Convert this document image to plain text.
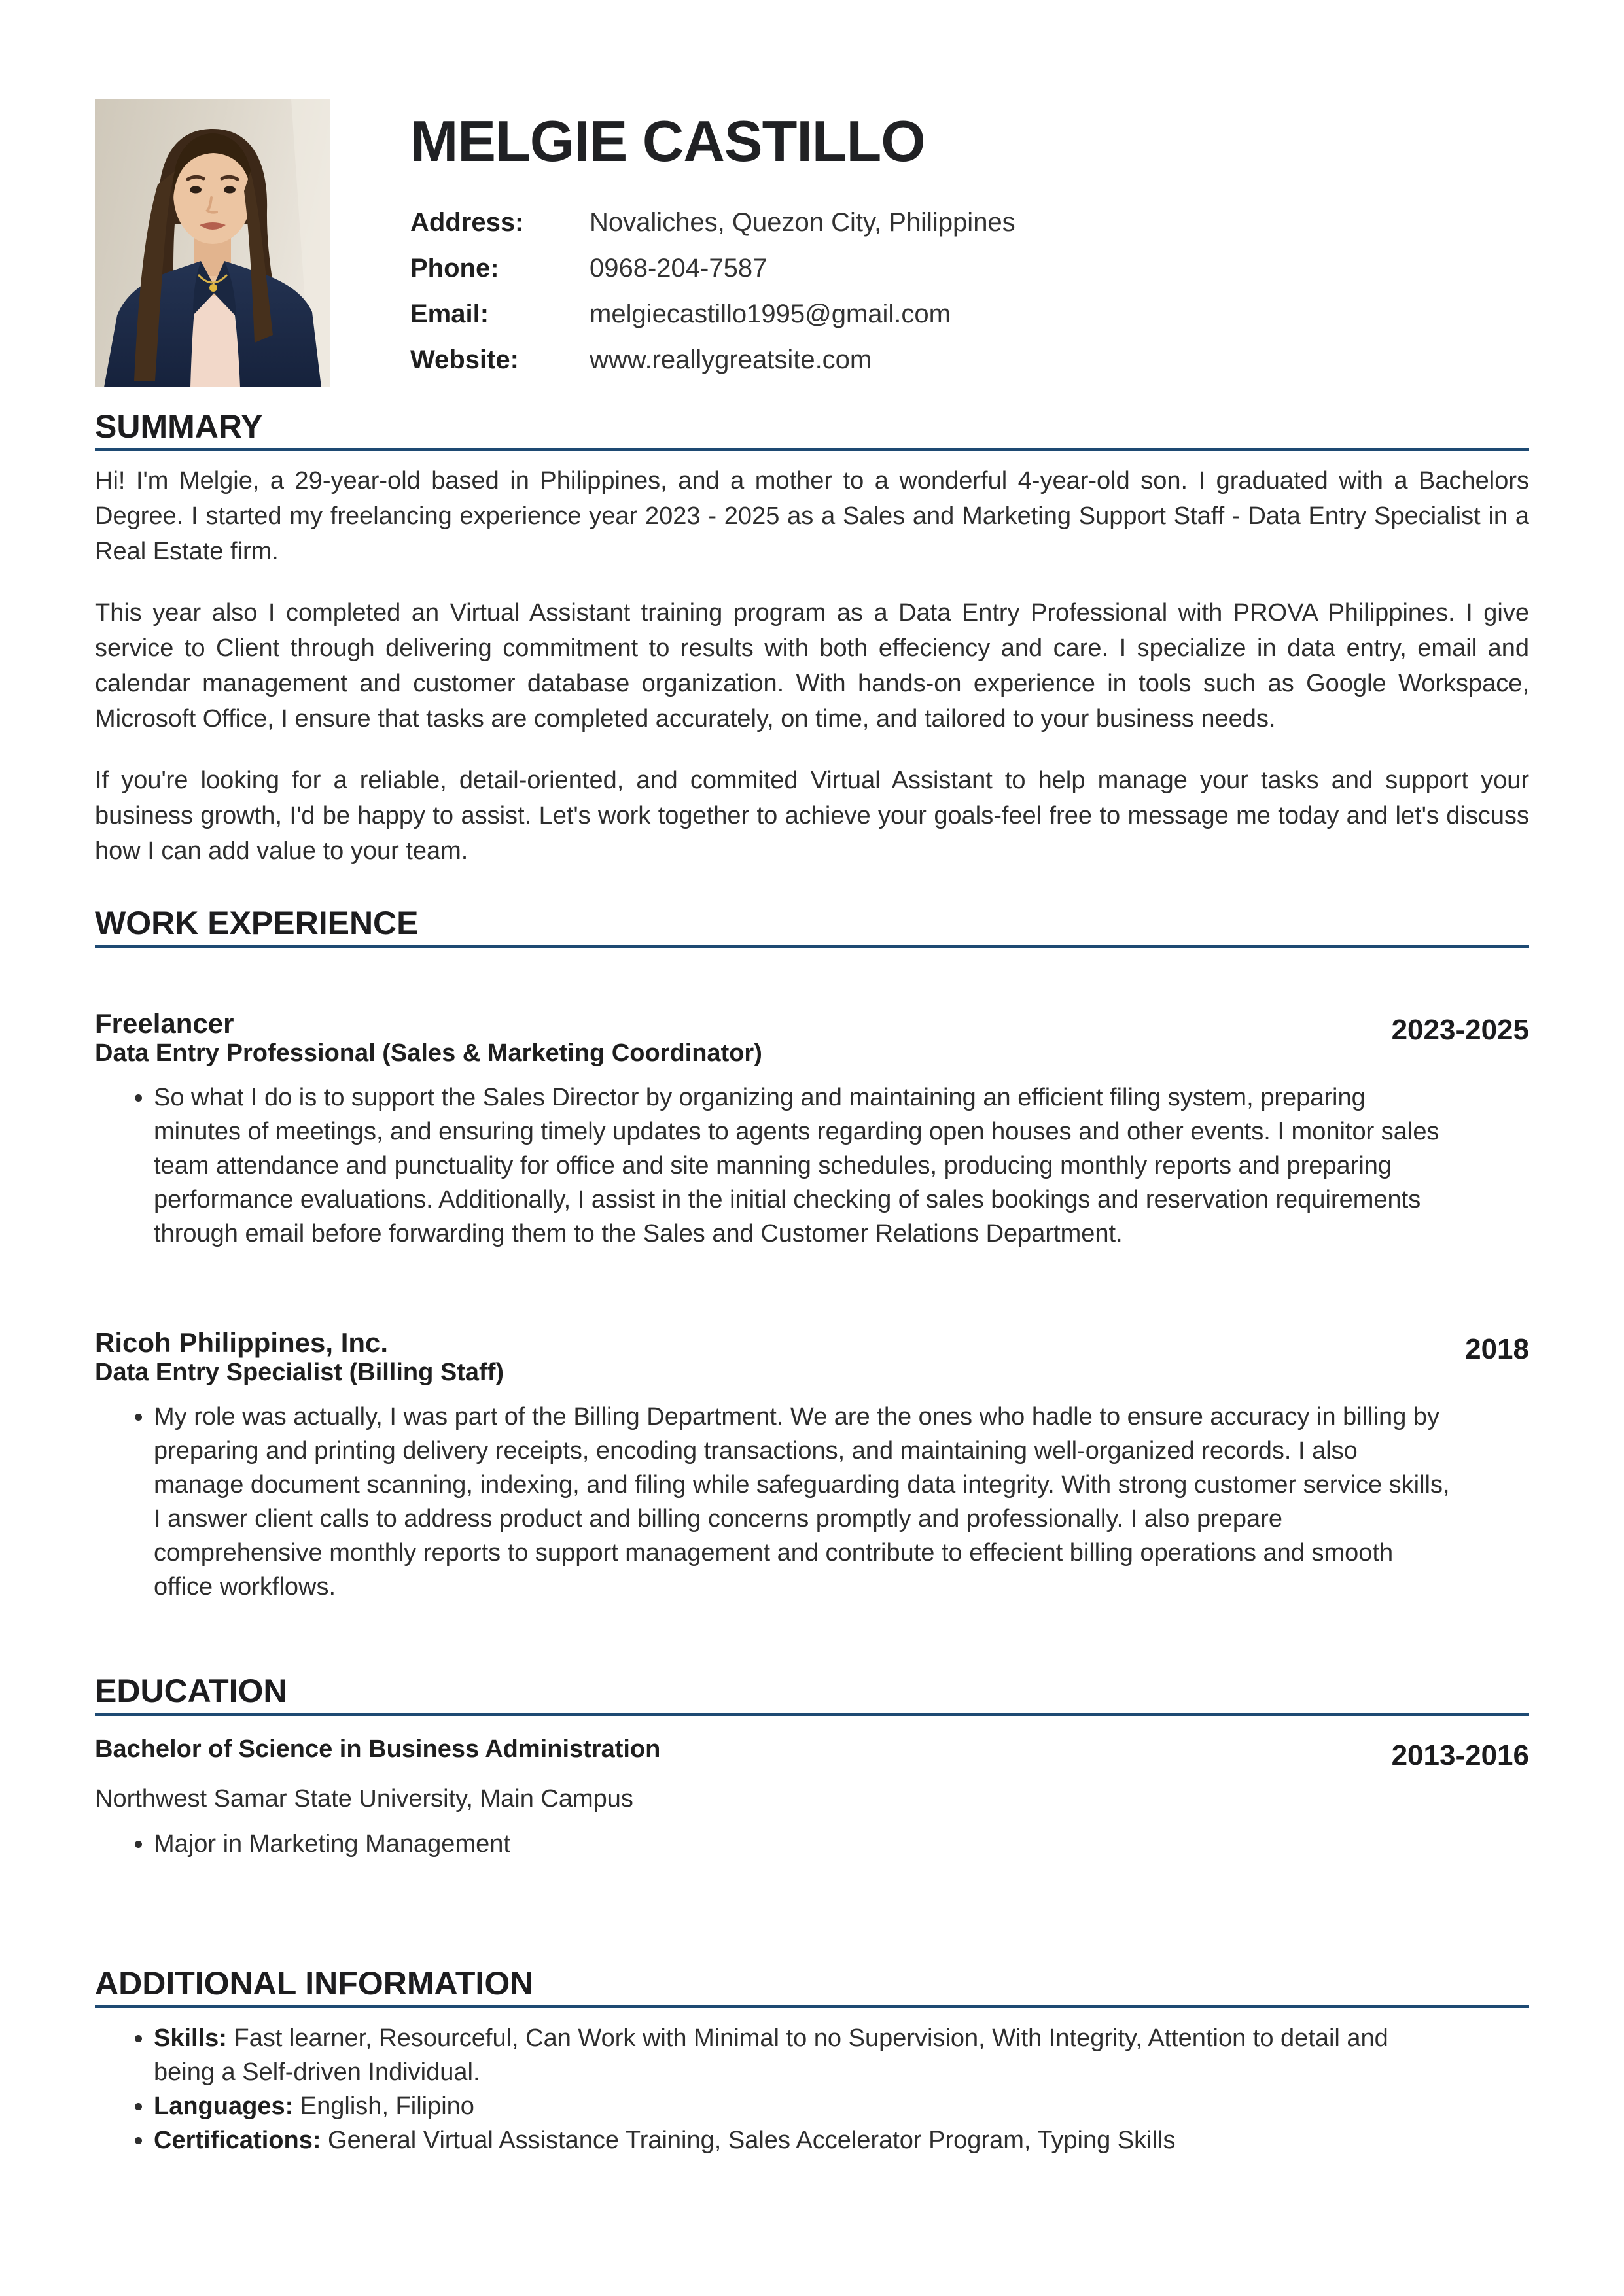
MELGIE CASTILLO
Address:	Novaliches, Quezon City, Philippines
Phone:	0968-204-7587
Email:	melgiecastillo1995@gmail.com
Website:	www.reallygreatsite.com
SUMMARY

Hi! I'm Melgie, a 29-year-old based in Philippines, and a mother to a wonderful 4-year-old son. I graduated with a Bachelors Degree. I started my freelancing experience year 2023 - 2025 as a Sales and Marketing Support Staff - Data Entry Specialist in a Real Estate firm.

This year also I completed an Virtual Assistant training program as a Data Entry Professional with PROVA Philippines. I give service to Client through delivering commitment to results with both effeciency and care. I specialize in data entry, email and calendar management and customer database organization. With hands-on experience in tools such as Google Workspace, Microsoft Office, I ensure that tasks are completed accurately, on time, and tailored to your business needs.

If you're looking for a reliable, detail-oriented, and commited Virtual Assistant to help manage your tasks and support your business growth, I'd be happy to assist. Let's work together to achieve your goals-feel free to message me today and let's discuss how I can add value to your team.

WORK EXPERIENCE
Freelancer
Data Entry Professional (Sales & Marketing Coordinator)
2023-2025
• So what I do is to support the Sales Director by organizing and maintaining an efficient filing system, preparing minutes of meetings, and ensuring timely updates to agents regarding open houses and other events. I monitor sales team attendance and punctuality for office and site manning schedules, producing monthly reports and preparing performance evaluations. Additionally, I assist in the initial checking of sales bookings and reservation requirements through email before forwarding them to the Sales and Customer Relations Department.
Ricoh Philippines, Inc.
Data Entry Specialist (Billing Staff)
2018
• My role was actually, I was part of the Billing Department. We are the ones who hadle to ensure accuracy in billing by preparing and printing delivery receipts, encoding transactions, and maintaining well-organized records. I also manage document scanning, indexing, and filing while safeguarding data integrity. With strong customer service skills, I answer client calls to address product and billing concerns promptly and professionally. I also prepare comprehensive monthly reports to support management and contribute to effecient billing operations and smooth office workflows.
EDUCATION
Bachelor of Science in Business Administration	2013-2016
Northwest Samar State University, Main Campus
• Major in Marketing Management
ADDITIONAL INFORMATION
• Skills: Fast learner, Resourceful, Can Work with Minimal to no Supervision, With Integrity, Attention to detail and being a Self-driven Individual.
• Languages: English, Filipino
• Certifications: General Virtual Assistance Training, Sales Accelerator Program, Typing Skills
